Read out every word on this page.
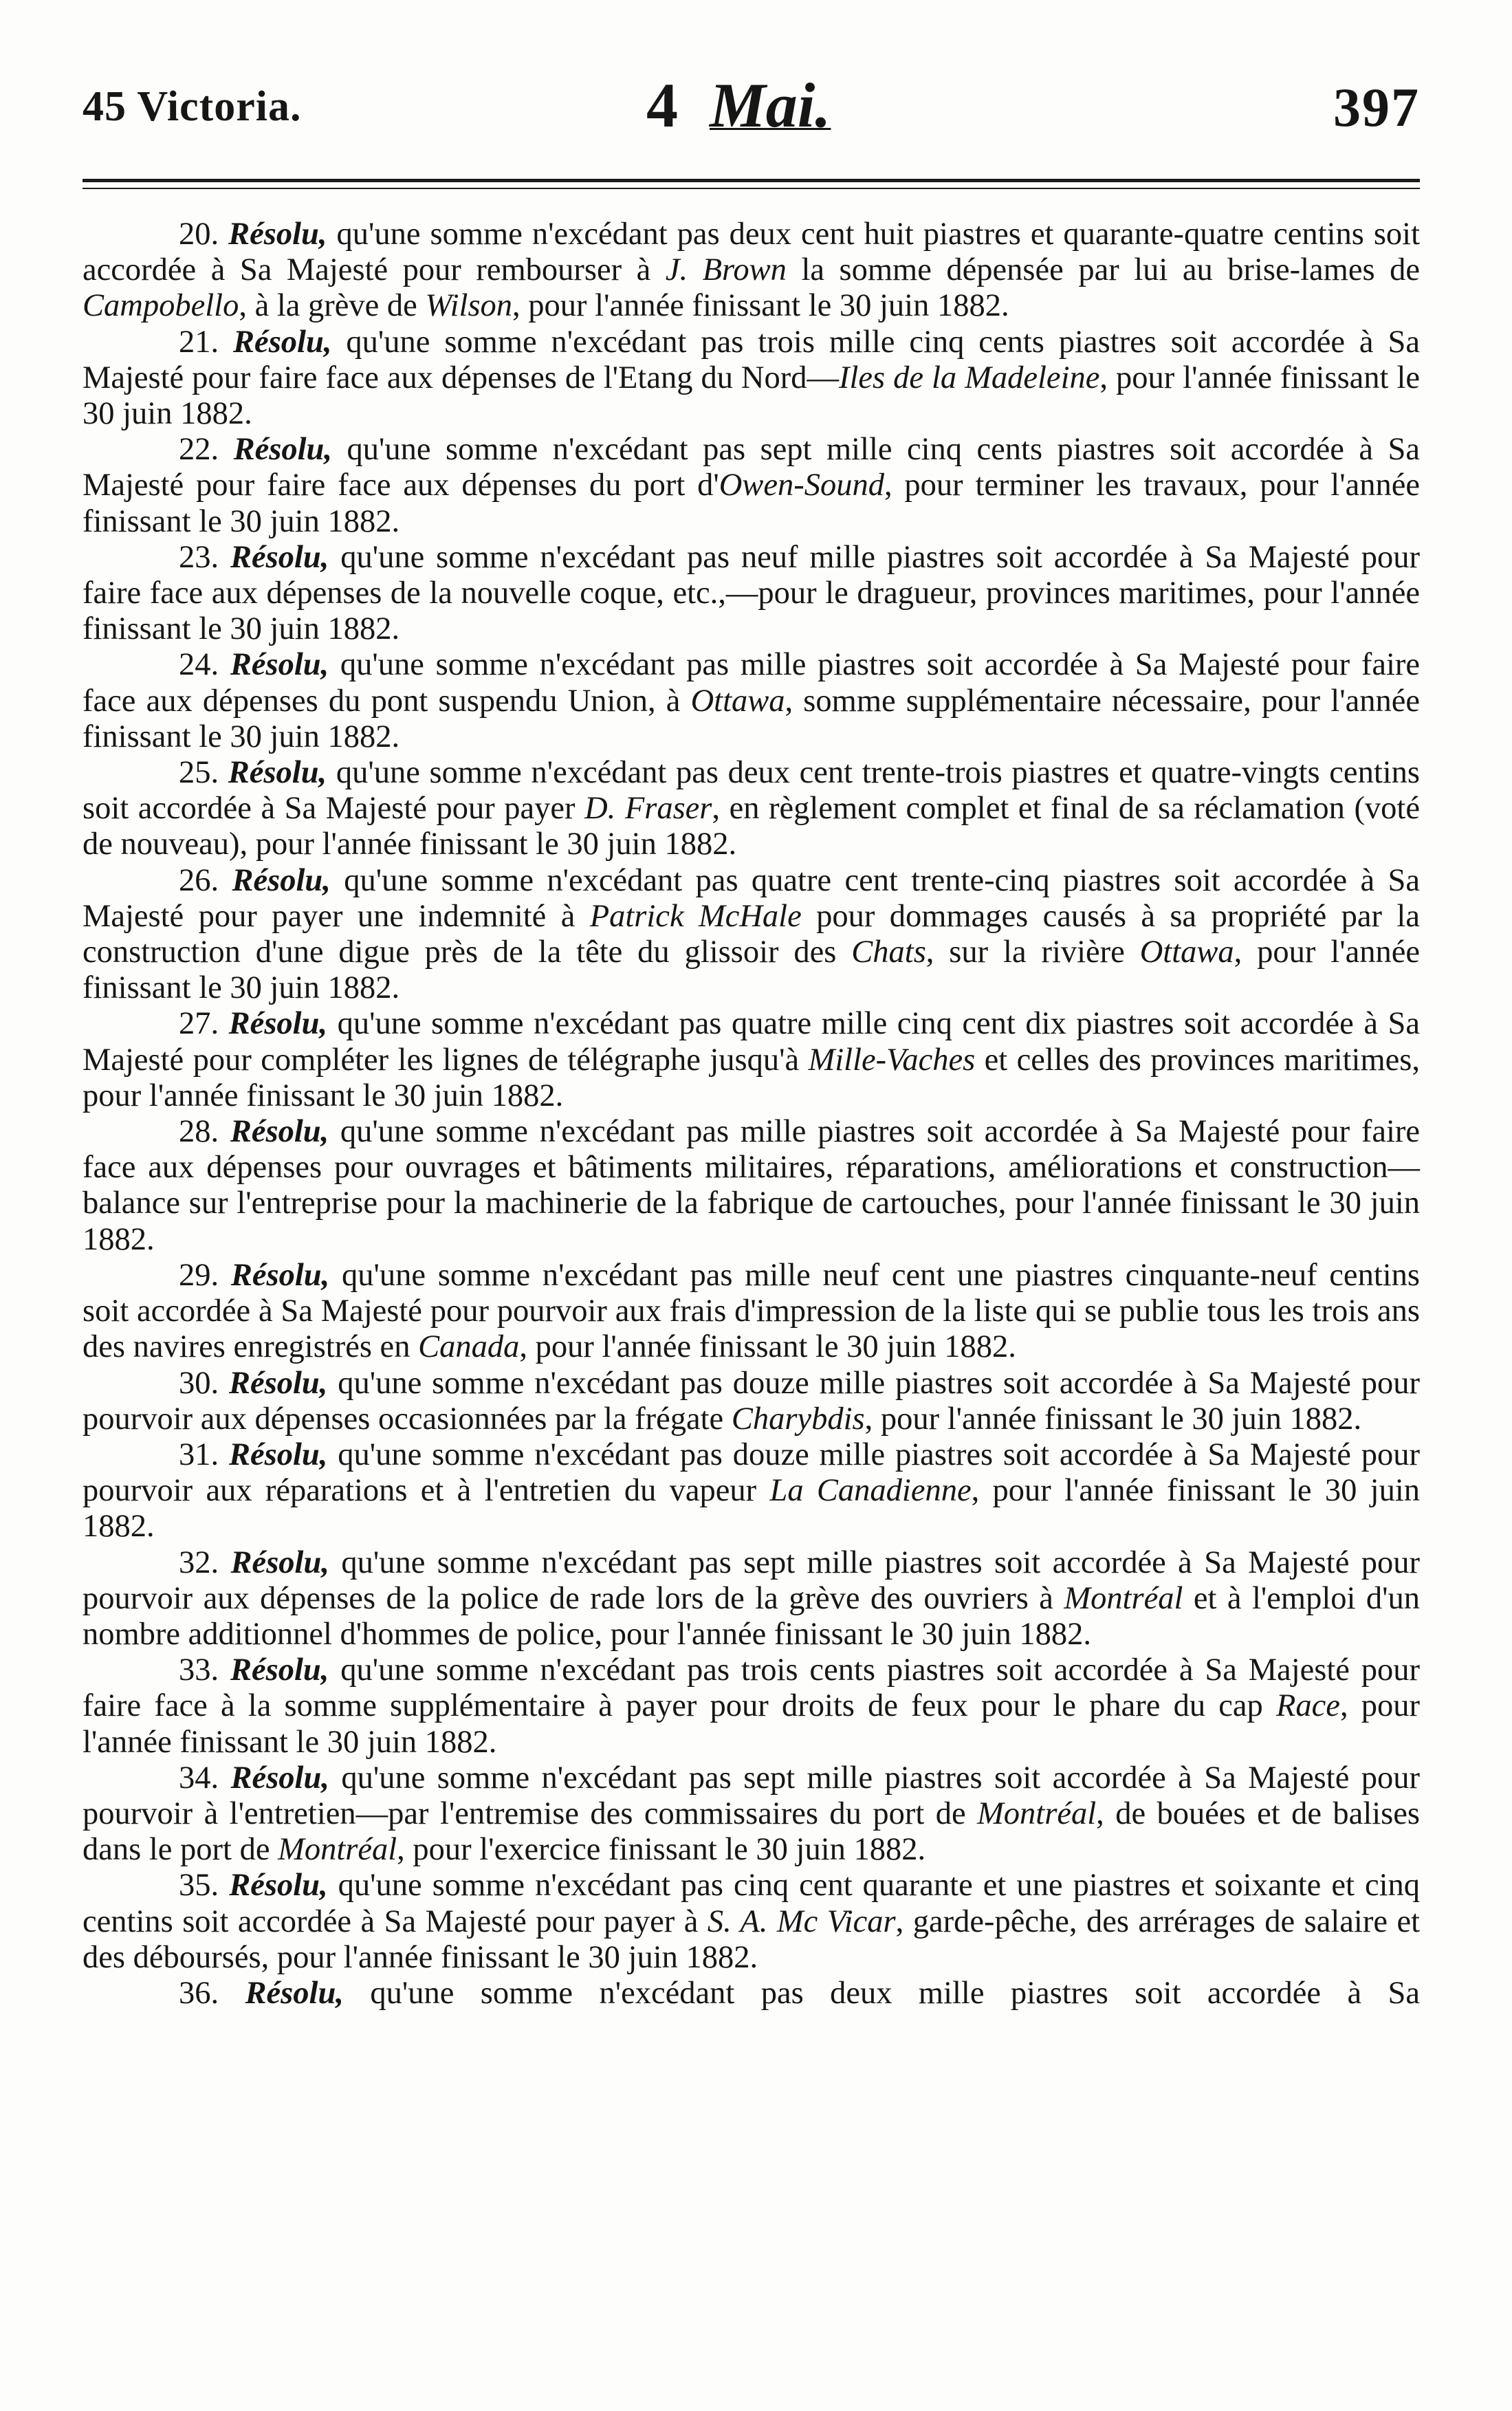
45 Victoria.	4 Mai.	397

20. Résolu, qu'une somme n'excédant pas deux cent huit piastres et quarante-quatre centins soit accordée à Sa Majesté pour rembourser à J. Brown la somme dépensée par lui au brise-lames de Campobello, à la grève de Wilson, pour l'année finissant le 30 juin 1882.

21. Résolu, qu'une somme n'excédant pas trois mille cinq cents piastres soit accordée à Sa Majesté pour faire face aux dépenses de l'Etang du Nord—Iles de la Madeleine, pour l'année finissant le 30 juin 1882.

22. Résolu, qu'une somme n'excédant pas sept mille cinq cents piastres soit accordée à Sa Majesté pour faire face aux dépenses du port d'Owen-Sound, pour terminer les travaux, pour l'année finissant le 30 juin 1882.

23. Résolu, qu'une somme n'excédant pas neuf mille piastres soit accordée à Sa Majesté pour faire face aux dépenses de la nouvelle coque, etc.,—pour le dragueur, provinces maritimes, pour l'année finissant le 30 juin 1882.

24. Résolu, qu'une somme n'excédant pas mille piastres soit accordée à Sa Majesté pour faire face aux dépenses du pont suspendu Union, à Ottawa, somme supplémentaire nécessaire, pour l'année finissant le 30 juin 1882.

25. Résolu, qu'une somme n'excédant pas deux cent trente-trois piastres et quatre-vingts centins soit accordée à Sa Majesté pour payer D. Fraser, en règlement complet et final de sa réclamation (voté de nouveau), pour l'année finissant le 30 juin 1882.

26. Résolu, qu'une somme n'excédant pas quatre cent trente-cinq piastres soit accordée à Sa Majesté pour payer une indemnité à Patrick McHale pour dommages causés à sa propriété par la construction d'une digue près de la tête du glissoir des Chats, sur la rivière Ottawa, pour l'année finissant le 30 juin 1882.

27. Résolu, qu'une somme n'excédant pas quatre mille cinq cent dix piastres soit accordée à Sa Majesté pour compléter les lignes de télégraphe jusqu'à Mille-Vaches et celles des provinces maritimes, pour l'année finissant le 30 juin 1882.

28. Résolu, qu'une somme n'excédant pas mille piastres soit accordée à Sa Majesté pour faire face aux dépenses pour ouvrages et bâtiments militaires, réparations, améliorations et construction—balance sur l'entreprise pour la machinerie de la fabrique de cartouches, pour l'année finissant le 30 juin 1882.

29. Résolu, qu'une somme n'excédant pas mille neuf cent une piastres cinquante-neuf centins soit accordée à Sa Majesté pour pourvoir aux frais d'impression de la liste qui se publie tous les trois ans des navires enregistrés en Canada, pour l'année finissant le 30 juin 1882.

30. Résolu, qu'une somme n'excédant pas douze mille piastres soit accordée à Sa Majesté pour pourvoir aux dépenses occasionnées par la frégate Charybdis, pour l'année finissant le 30 juin 1882.

31. Résolu, qu'une somme n'excédant pas douze mille piastres soit accordée à Sa Majesté pour pourvoir aux réparations et à l'entretien du vapeur La Canadienne, pour l'année finissant le 30 juin 1882.

32. Résolu, qu'une somme n'excédant pas sept mille piastres soit accordée à Sa Majesté pour pourvoir aux dépenses de la police de rade lors de la grève des ouvriers à Montréal et à l'emploi d'un nombre additionnel d'hommes de police, pour l'année finissant le 30 juin 1882.

33. Résolu, qu'une somme n'excédant pas trois cents piastres soit accordée à Sa Majesté pour faire face à la somme supplémentaire à payer pour droits de feux pour le phare du cap Race, pour l'année finissant le 30 juin 1882.

34. Résolu, qu'une somme n'excédant pas sept mille piastres soit accordée à Sa Majesté pour pourvoir à l'entretien—par l'entremise des commissaires du port de Montréal, de bouées et de balises dans le port de Montréal, pour l'exercice finissant le 30 juin 1882.

35. Résolu, qu'une somme n'excédant pas cinq cent quarante et une piastres et soixante et cinq centins soit accordée à Sa Majesté pour payer à S. A. Mc Vicar, garde-pêche, des arrérages de salaire et des déboursés, pour l'année finissant le 30 juin 1882.

36. Résolu, qu'une somme n'excédant pas deux mille piastres soit accordée à Sa
